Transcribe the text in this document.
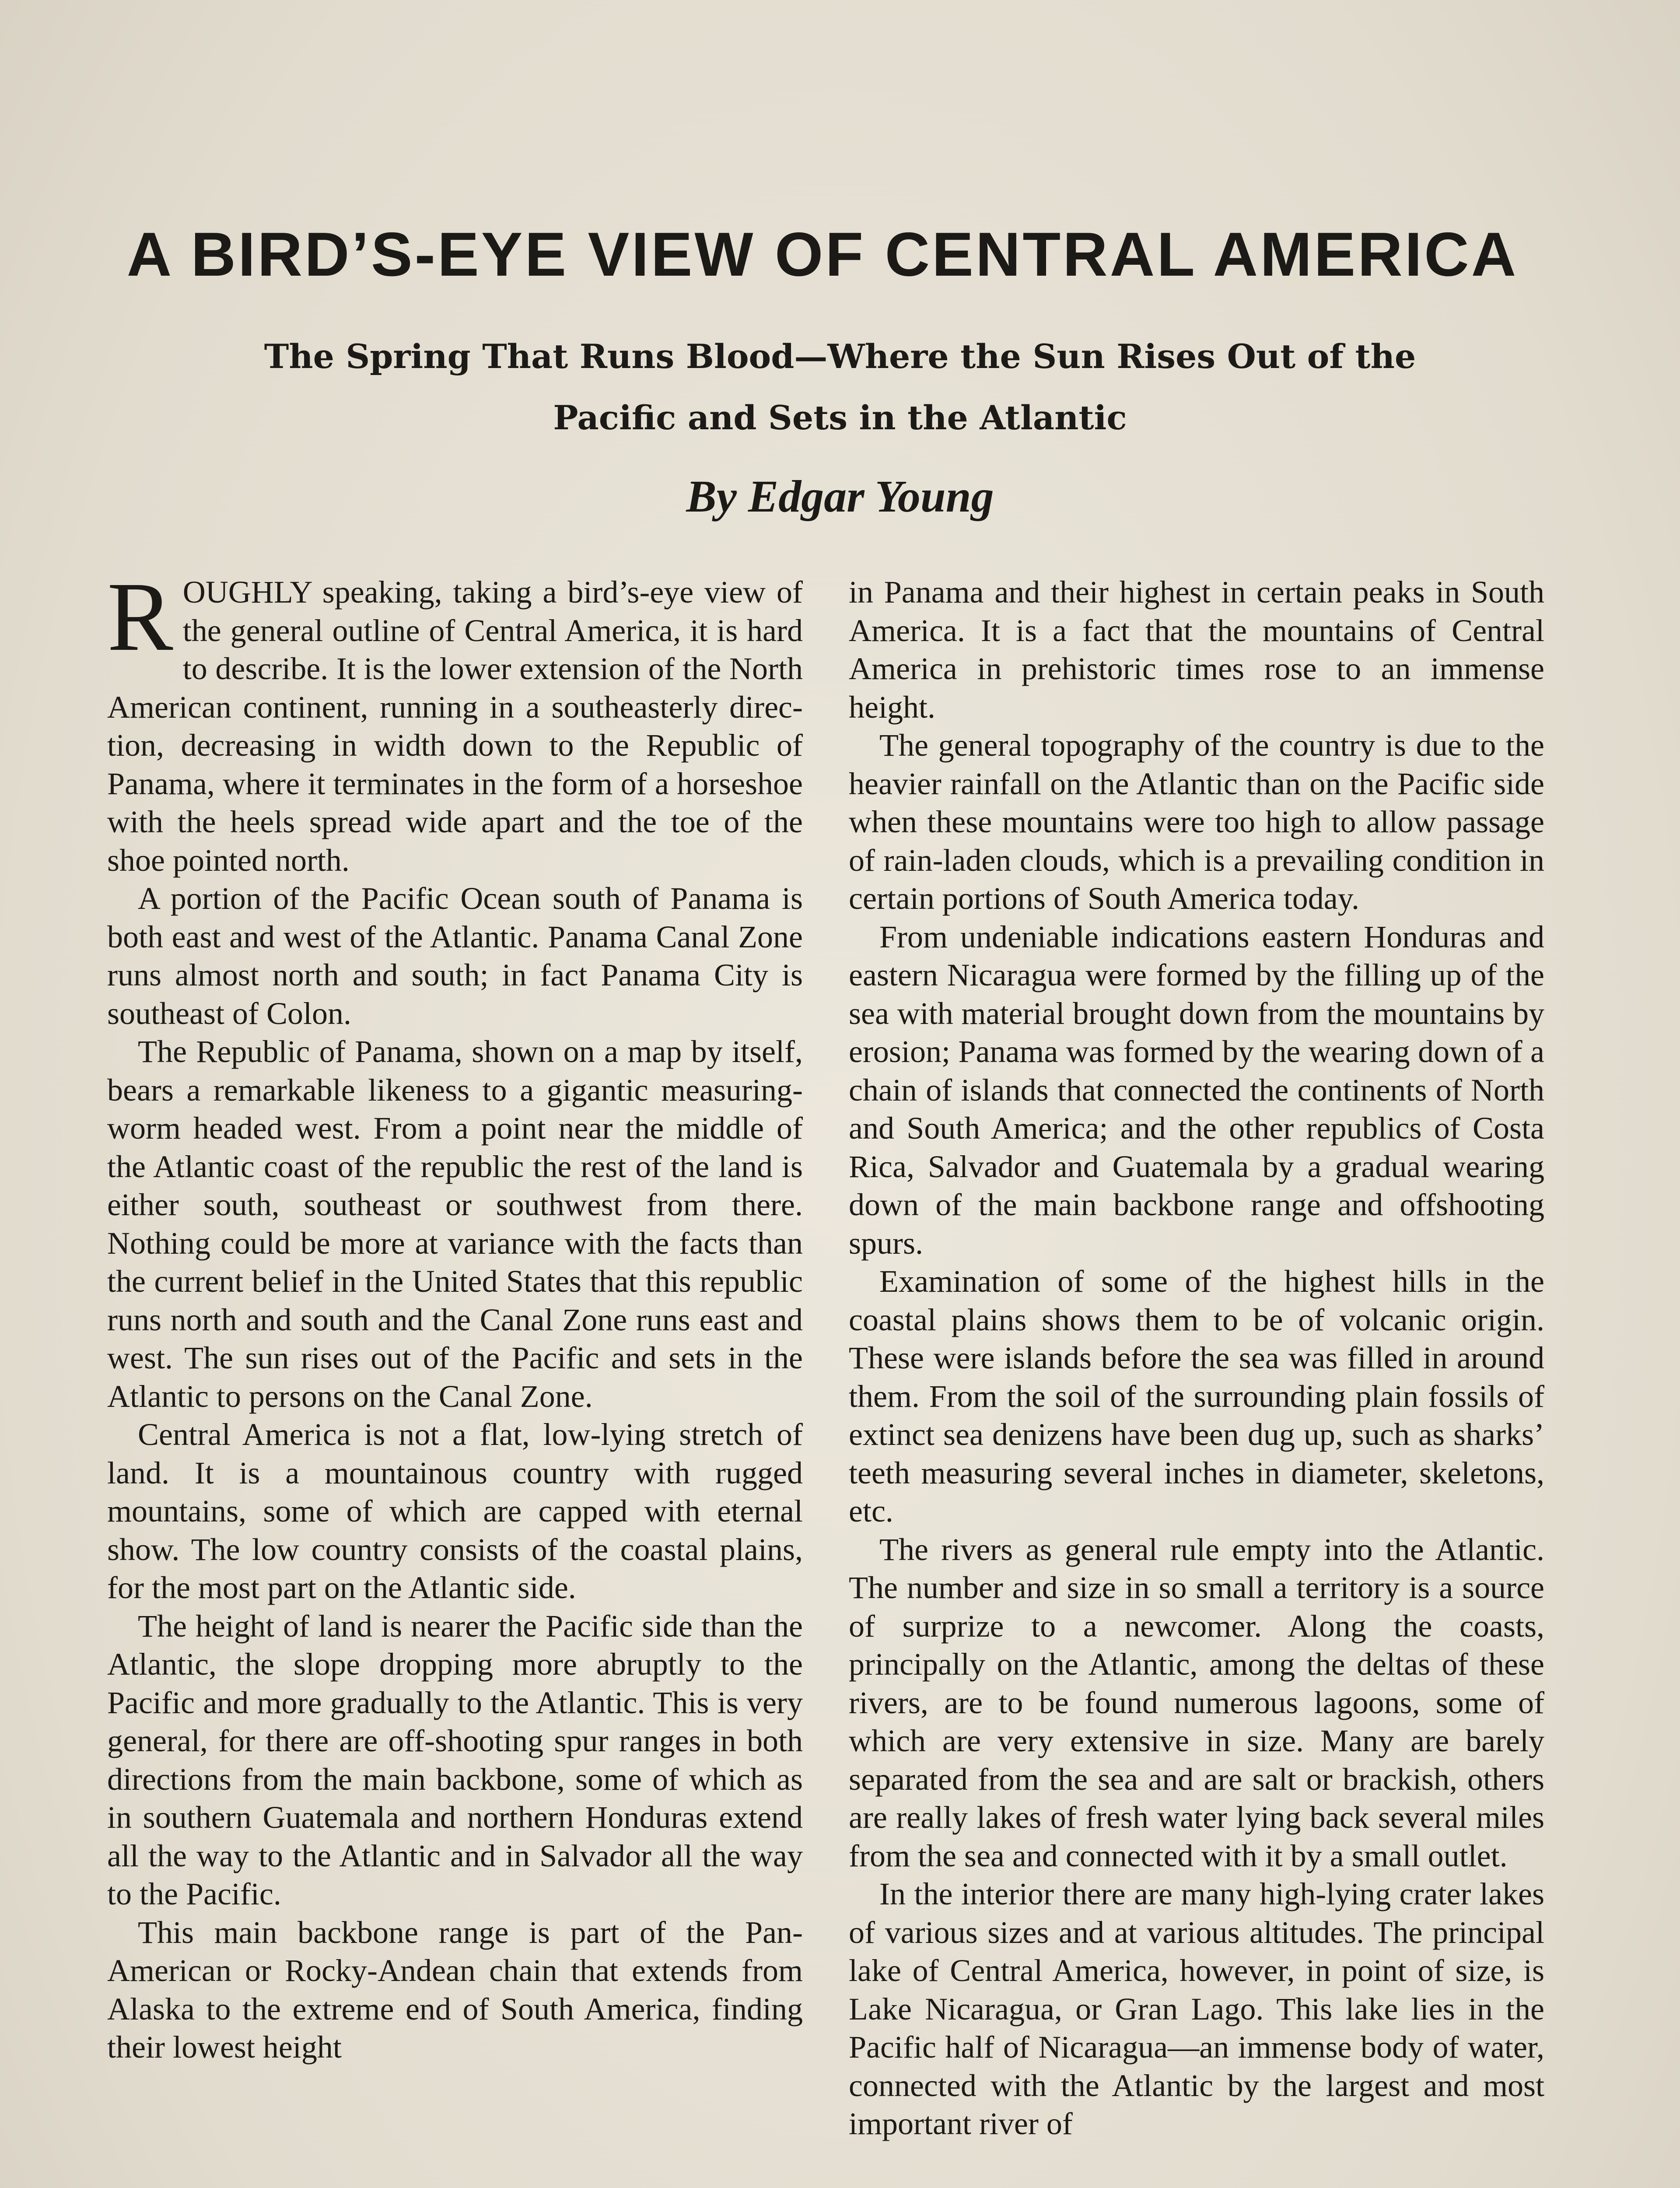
A BIRD’S-EYE VIEW OF CENTRAL AMERICA
The Spring That Runs Blood—Where the Sun Rises Out of the
Pacific and Sets in the Atlantic
By Edgar Young

ROUGHLY speaking, taking a bird’s-eye view of the general outline of Central America, it is hard to describe. It is the lower extension of the North American continent, running in a southeasterly direction, decreasing in width down to the Republic of Panama, where it terminates in the form of a horseshoe with the heels spread wide apart and the toe of the shoe pointed north.

A portion of the Pacific Ocean south of Panama is both east and west of the Atlantic. Panama Canal Zone runs almost north and south; in fact Panama City is southeast of Colon.

The Republic of Panama, shown on a map by itself, bears a remarkable likeness to a gigantic measuring-worm headed west. From a point near the middle of the Atlantic coast of the republic the rest of the land is either south, southeast or southwest from there. Nothing could be more at variance with the facts than the current belief in the United States that this republic runs north and south and the Canal Zone runs east and west. The sun rises out of the Pacific and sets in the Atlantic to persons on the Canal Zone.

Central America is not a flat, low-lying stretch of land. It is a mountainous country with rugged mountains, some of which are capped with eternal show. The low country consists of the coastal plains, for the most part on the Atlantic side.

The height of land is nearer the Pacific side than the Atlantic, the slope dropping more abruptly to the Pacific and more gradually to the Atlantic. This is very general, for there are off-shooting spur ranges in both directions from the main backbone, some of which as in southern Guatemala and northern Honduras extend all the way to the Atlantic and in Salvador all the way to the Pacific.

This main backbone range is part of the Pan-American or Rocky-Andean chain that extends from Alaska to the extreme end of South America, finding their lowest height

in Panama and their highest in certain peaks in South America. It is a fact that the mountains of Central America in prehistoric times rose to an immense height.

The general topography of the country is due to the heavier rainfall on the Atlantic than on the Pacific side when these mountains were too high to allow passage of rain-laden clouds, which is a prevailing condition in certain portions of South America today.

From undeniable indications eastern Honduras and eastern Nicaragua were formed by the filling up of the sea with material brought down from the mountains by erosion; Panama was formed by the wearing down of a chain of islands that connected the continents of North and South America; and the other republics of Costa Rica, Salvador and Guatemala by a gradual wearing down of the main backbone range and offshooting spurs.

Examination of some of the highest hills in the coastal plains shows them to be of volcanic origin. These were islands before the sea was filled in around them. From the soil of the surrounding plain fossils of extinct sea denizens have been dug up, such as sharks’ teeth measuring several inches in diameter, skeletons, etc.

The rivers as general rule empty into the Atlantic. The number and size in so small a territory is a source of surprize to a newcomer. Along the coasts, principally on the Atlantic, among the deltas of these rivers, are to be found numerous lagoons, some of which are very extensive in size. Many are barely separated from the sea and are salt or brackish, others are really lakes of fresh water lying back several miles from the sea and connected with it by a small outlet.

In the interior there are many high-lying crater lakes of various sizes and at various altitudes. The principal lake of Central America, however, in point of size, is Lake Nicaragua, or Gran Lago. This lake lies in the Pacific half of Nicaragua—an immense body of water, connected with the Atlantic by the largest and most important river of
